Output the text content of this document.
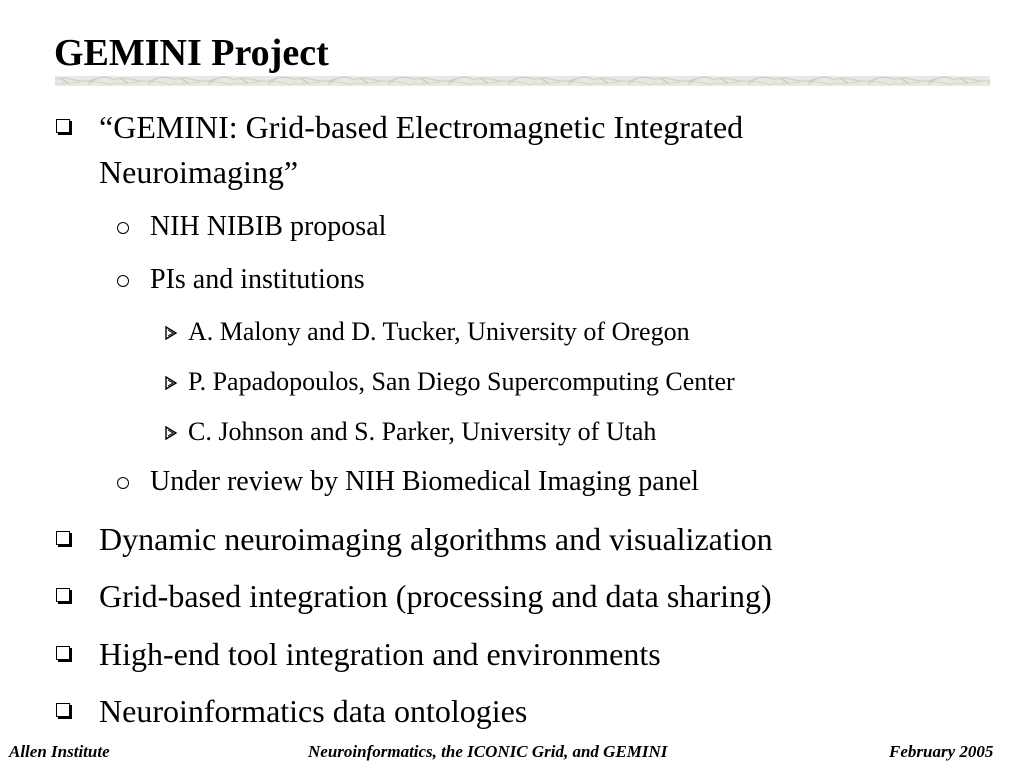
GEMINI Project
“GEMINI: Grid-based Electromagnetic Integrated
Neuroimaging”
NIH NIBIB proposal
PIs and institutions
A. Malony and D. Tucker, University of Oregon
P. Papadopoulos, San Diego Supercomputing Center
C. Johnson and S. Parker, University of Utah
Under review by NIH Biomedical Imaging panel
Dynamic neuroimaging algorithms and visualization
Grid-based integration (processing and data sharing)
High-end tool integration and environments
Neuroinformatics data ontologies
Allen Institute	Neuroinformatics, the ICONIC Grid, and GEMINI	February 2005
